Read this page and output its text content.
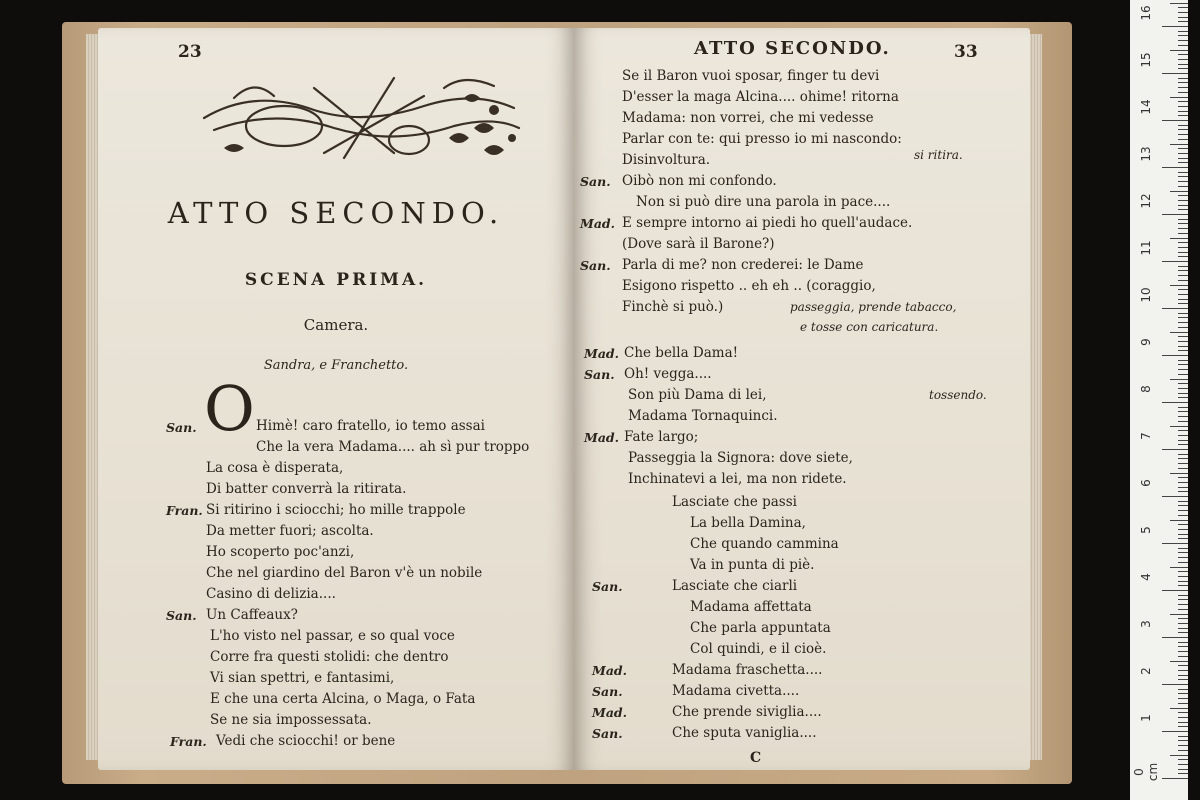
23
ATTO SECONDO.
SCENA PRIMA.
Camera.
Sandra, e Franchetto.
O
San.	Himè! caro fratello, io temo assai
Che la vera Madama.... ah sì pur troppo
La cosa è disperata,
Di batter converrà la ritirata.
Fran. Si ritirino i sciocchi; ho mille trappole
Da metter fuori; ascolta.
Ho scoperto poc'anzi,
Che nel giardino del Baron v'è un nobile
Casino di delizia....
San. Un Caffeaux?
L'ho visto nel passar, e so qual voce
Corre fra questi stolidi: che dentro
Vi sian spettri, e fantasimi,
E che una certa Alcina, o Maga, o Fata
Se ne sia impossessata.
Fran. Vedi che sciocchi! or bene
ATTO SECONDO.	33
Se il Baron vuoi sposar, finger tu devi
D'esser la maga Alcina.... ohime! ritorna
Madama: non vorrei, che mi vedesse
Parlar con te: qui presso io mi nascondo:
Disinvoltura.	si ritira.
San. Oibò non mi confondo.
Non si può dire una parola in pace....
Mad. E sempre intorno ai piedi ho quell'audace.
(Dove sarà il Barone?)
San. Parla di me? non crederei: le Dame
Esigono rispetto .. eh eh .. (coraggio,
Finchè si può.)	passeggia, prende tabacco,
e tosse con caricatura.
Mad. Che bella Dama!
San. Oh! vegga....
Son più Dama di lei,	tossendo.
Madama Tornaquinci.
Mad. Fate largo;
Passeggia la Signora: dove siete,
Inchinatevi a lei, ma non ridete.
Lasciate che passi
La bella Damina,
Che quando cammina
Va in punta di piè.
San.	Lasciate che ciarli
Madama affettata
Che parla appuntata
Col quindi, e il cioè.
Mad.	Madama fraschetta....
San.	Madama civetta....
Mad.	Che prende siviglia....
San.	Che sputa vaniglia....
C
0 cm
1
2
3
4
5
6
7
8
9
10
11
12
13
14
15
16
